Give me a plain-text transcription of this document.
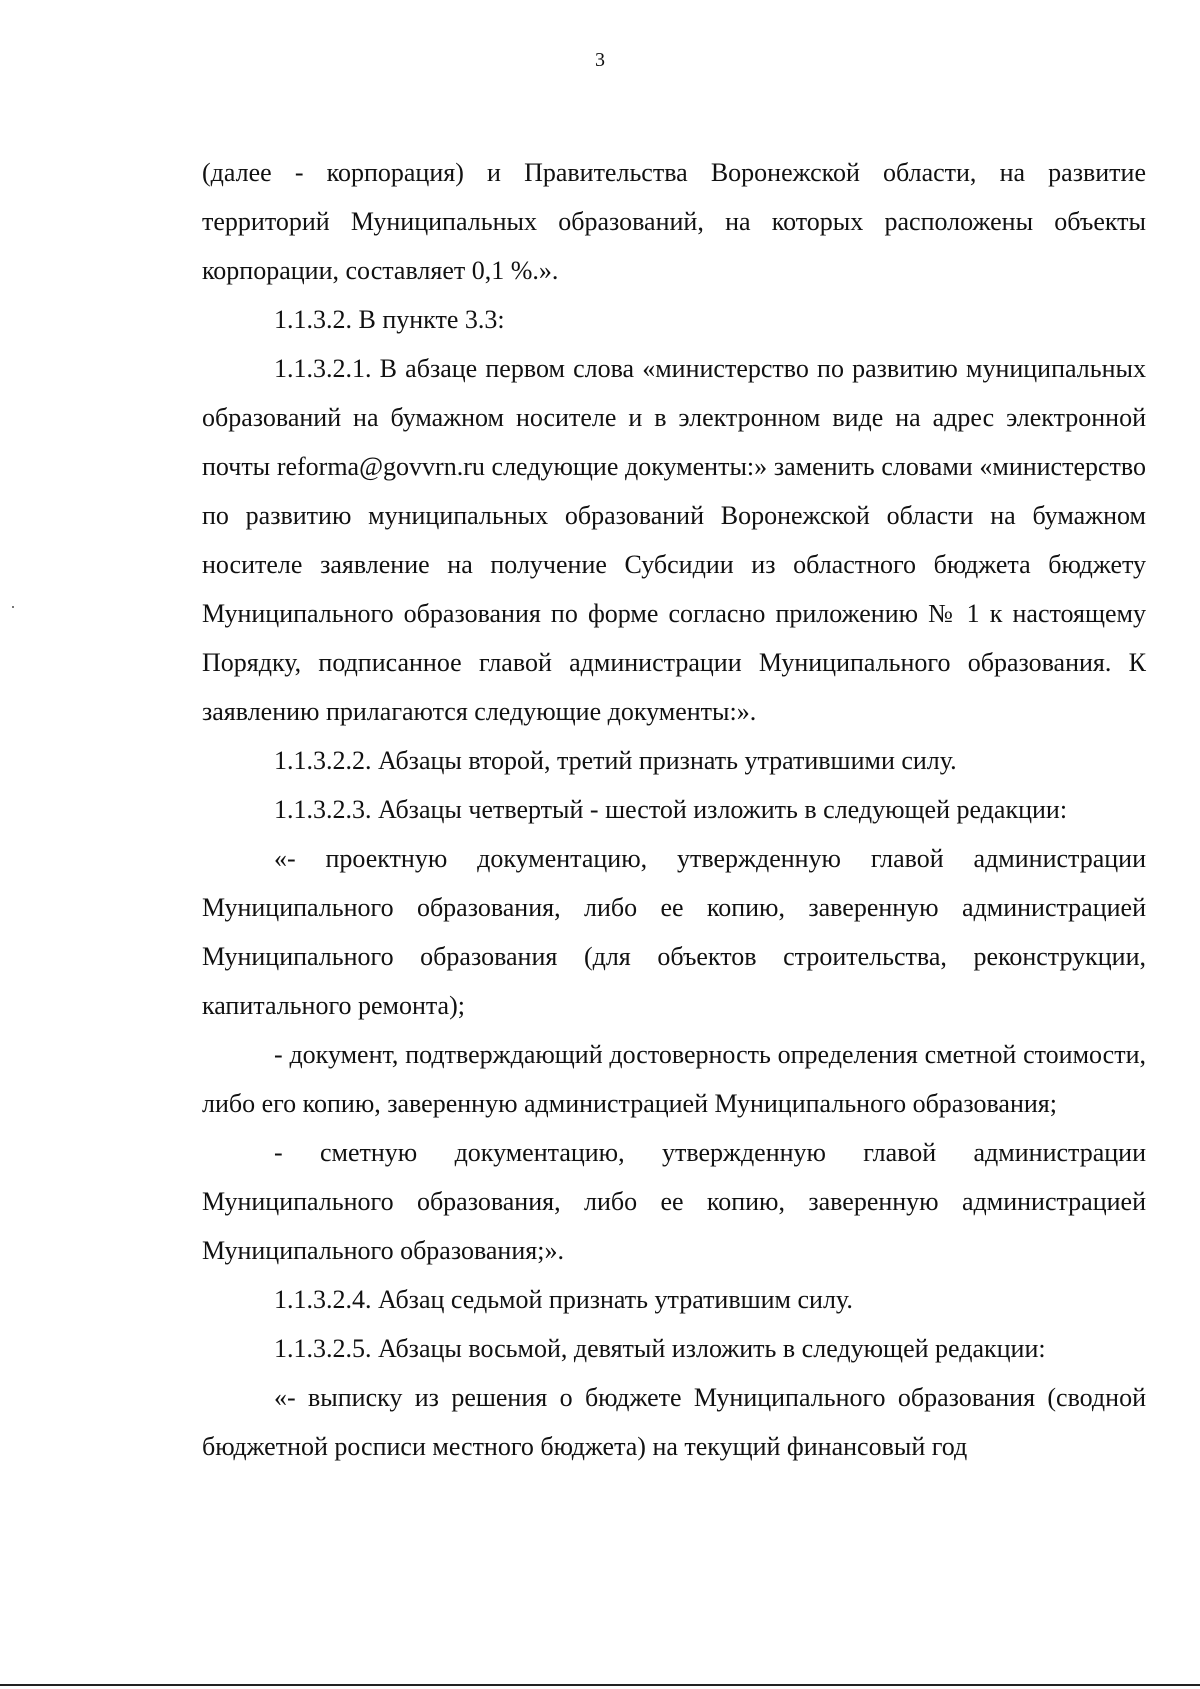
3

(далее - корпорация) и Правительства Воронежской области, на развитие территорий Муниципальных образований, на которых расположены объекты корпорации, составляет 0,1 %.».

1.1.3.2. В пункте 3.3:

1.1.3.2.1. В абзаце первом слова «министерство по развитию муниципальных образований на бумажном носителе и в электронном виде на адрес электронной почты reforma@govvrn.ru следующие документы:» заменить словами «министерство по развитию муниципальных образований Воронежской области на бумажном носителе заявление на получение Субсидии из областного бюджета бюджету Муниципального образования по форме согласно приложению № 1 к настоящему Порядку, подписанное главой администрации Муниципального образования. К заявлению прилагаются следующие документы:».

1.1.3.2.2. Абзацы второй, третий признать утратившими силу.

1.1.3.2.3. Абзацы четвертый - шестой изложить в следующей редакции:

«- проектную документацию, утвержденную главой администрации Муниципального образования, либо ее копию, заверенную администрацией Муниципального образования (для объектов строительства, реконструкции, капитального ремонта);

- документ, подтверждающий достоверность определения сметной стоимости, либо его копию, заверенную администрацией Муниципального образования;

- сметную документацию, утвержденную главой администрации Муниципального образования, либо ее копию, заверенную администрацией Муниципального образования;».

1.1.3.2.4. Абзац седьмой признать утратившим силу.

1.1.3.2.5. Абзацы восьмой, девятый изложить в следующей редакции:

«- выписку из решения о бюджете Муниципального образования (сводной бюджетной росписи местного бюджета) на текущий финансовый год
